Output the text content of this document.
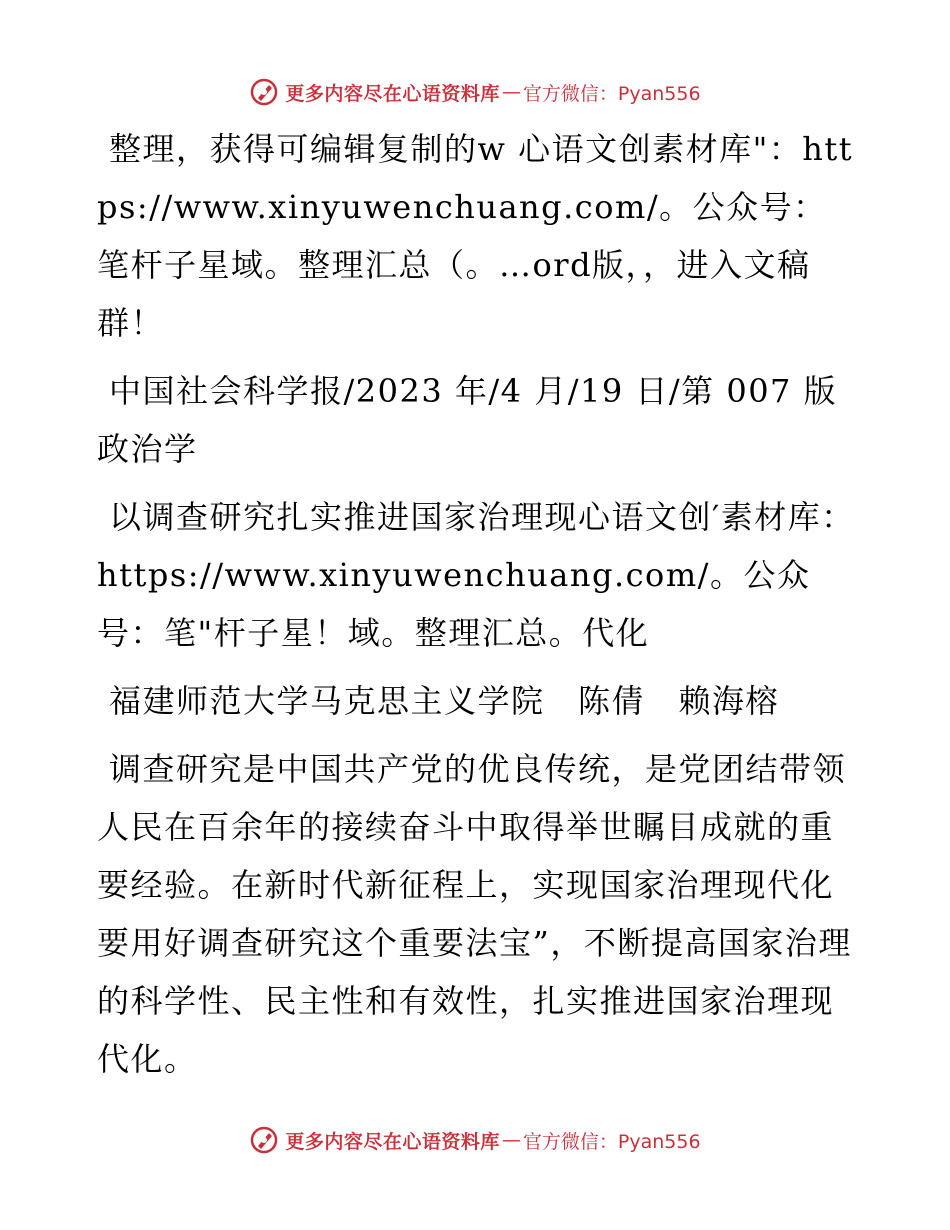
更多内容尽在心语资料库 — 官方微信：Pyan556

整理，获得可编辑复制的w 心语文创素材库"：https://www.xinyuwenchuang.com/。公众号：笔杆子星域。整理汇总（。…ord版，，进入文稿群！

中国社会科学报/2023 年/4 月/19 日/第 007 版 政治学

以调查研究扎实推进国家治理现心语文创′素材库：https://www.xinyuwenchuang.com/。公众号：笔"杆子星！域。整理汇总。代化

福建师范大学马克思主义学院　陈倩　赖海榕

调查研究是中国共产党的优良传统，是党团结带领人民在百余年的接续奋斗中取得举世瞩目成就的重要经验。在新时代新征程上，实现国家治理现代化要用好调查研究这个重要法宝”，不断提高国家治理的科学性、民主性和有效性，扎实推进国家治理现代化。

更多内容尽在心语资料库 — 官方微信：Pyan556
